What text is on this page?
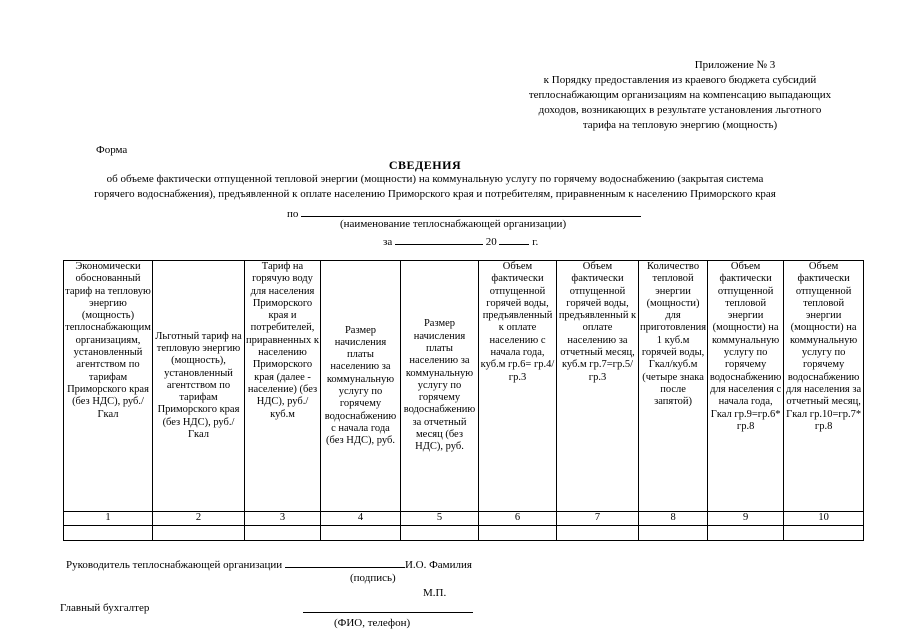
Приложение № 3
к Порядку предоставления из краевого бюджета субсидий
теплоснабжающим организациям на компенсацию выпадающих
доходов, возникающих в результате установления льготного
тарифа на тепловую энергию (мощность)
Форма
СВЕДЕНИЯ
об объеме фактически отпущенной тепловой энергии (мощности) на коммунальную услугу по горячему водоснабжению (закрытая система
горячего водоснабжения), предъявленной к оплате населению Приморского края и потребителям, приравненным к населению Приморского края
по
(наименование теплоснабжающей организации)
за	20	г.
Экономически обоснованный тариф на тепловую энергию (мощность) теплоснабжающим организациям, установленный агентством по тарифам Приморского края (без НДС), руб./Гкал	Льготный тариф на тепловую энергию (мощность), установленный агентством по тарифам Приморского края (без НДС), руб./Гкал	Тариф на горячую воду для населения Приморского края и потребителей, приравненных к населению Приморского края (далее - население) (без НДС), руб./куб.м	Размер начисления платы населению за коммунальную услугу по горячему водоснабжению с начала года (без НДС), руб.	Размер начисления платы населению за коммунальную услугу по горячему водоснабжению за отчетный месяц (без НДС), руб.	Объем фактически отпущенной горячей воды, предъявленный к оплате населению с начала года, куб.м гр.6= гр.4/гр.3	Объем фактически отпущенной горячей воды, предъявленный к оплате населению за отчетный месяц, куб.м гр.7=гр.5/гр.3	Количество тепловой энергии (мощности) для приготовления 1 куб.м горячей воды, Гкал/куб.м (четыре знака после запятой)	Объем фактически отпущенной тепловой энергии (мощности) на коммунальную услугу по горячему водоснабжению для населения с начала года, Гкал гр.9=гр.6* гр.8	Объем фактически отпущенной тепловой энергии (мощности) на коммунальную услугу по горячему водоснабжению для населения за отчетный месяц, Гкал гр.10=гр.7* гр.8
1	2	3	4	5	6	7	8	9	10

Руководитель теплоснабжающей организации	И.О. Фамилия
(подпись)
М.П.
Главный бухгалтер
(ФИО, телефон)
